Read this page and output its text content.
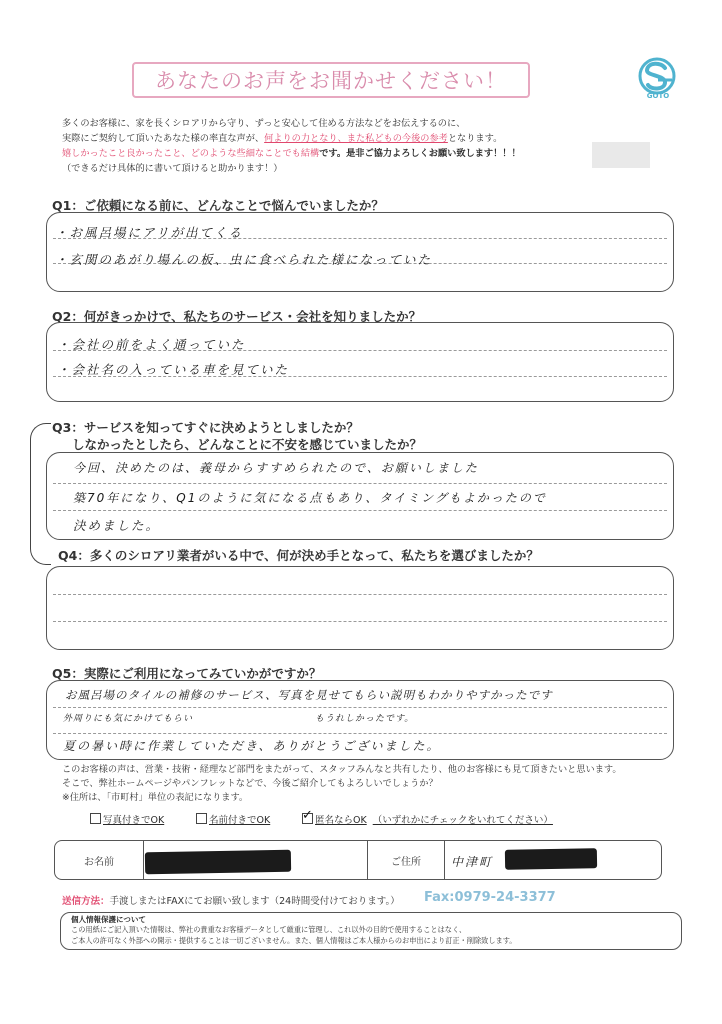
あなたのお声をお聞かせください！
GOTO
多くのお客様に、家を長くシロアリから守り、ずっと安心して住める方法などをお伝えするのに、
実際にご契約して頂いたあなた様の率直な声が、何よりの力となり、また私どもの今後の参考となります。
嬉しかったこと良かったこと、どのような些細なことでも結構です。是非ご協力よろしくお願い致します！！！
（できるだけ具体的に書いて頂けると助かります！）
Q1：ご依頼になる前に、どんなことで悩んでいましたか？
・お風呂場にアリが出てくる
・玄関のあがり場んの板、虫に食べられた様になっていた
Q2：何がきっかけで、私たちのサービス・会社を知りましたか？
・会社の前をよく通っていた
・会社名の入っている車を見ていた
Q3：サービスを知ってすぐに決めようとしましたか？
しなかったとしたら、どんなことに不安を感じていましたか？
今回、決めたのは、義母からすすめられたので、お願いしました
築70年になり、Q1のように気になる点もあり、タイミングもよかったので
決めました。
Q4：多くのシロアリ業者がいる中で、何が決め手となって、私たちを選びましたか？
Q5：実際にご利用になってみていかがですか？
お風呂場のタイルの補修のサービス、写真を見せてもらい説明もわかりやすかったです
外周りにも気にかけてもらい	もうれしかったです。
夏の暑い時に作業していただき、ありがとうございました。
このお客様の声は、営業・技術・経理など部門をまたがって、スタッフみんなと共有したり、他のお客様にも見て頂きたいと思います。
そこで、弊社ホームページやパンフレットなどで、今後ご紹介してもよろしいでしょうか？
※住所は、「市町村」単位の表記になります。
写真付きでOK	名前付きでOK ✓ 匿名ならOK （いずれかにチェックをいれてください）
お名前	ご住所	中津町
送信方法：手渡しまたはFAXにてお願い致します（24時間受付けております。） Fax:0979-24-3377
個人情報保護について
この用紙にご記入頂いた情報は、弊社の貴重なお客様データとして厳重に管理し、これ以外の目的で使用することはなく、
ご本人の許可なく外部への開示・提供することは一切ございません。また、個人情報はご本人様からのお申出により訂正・削除致します。
